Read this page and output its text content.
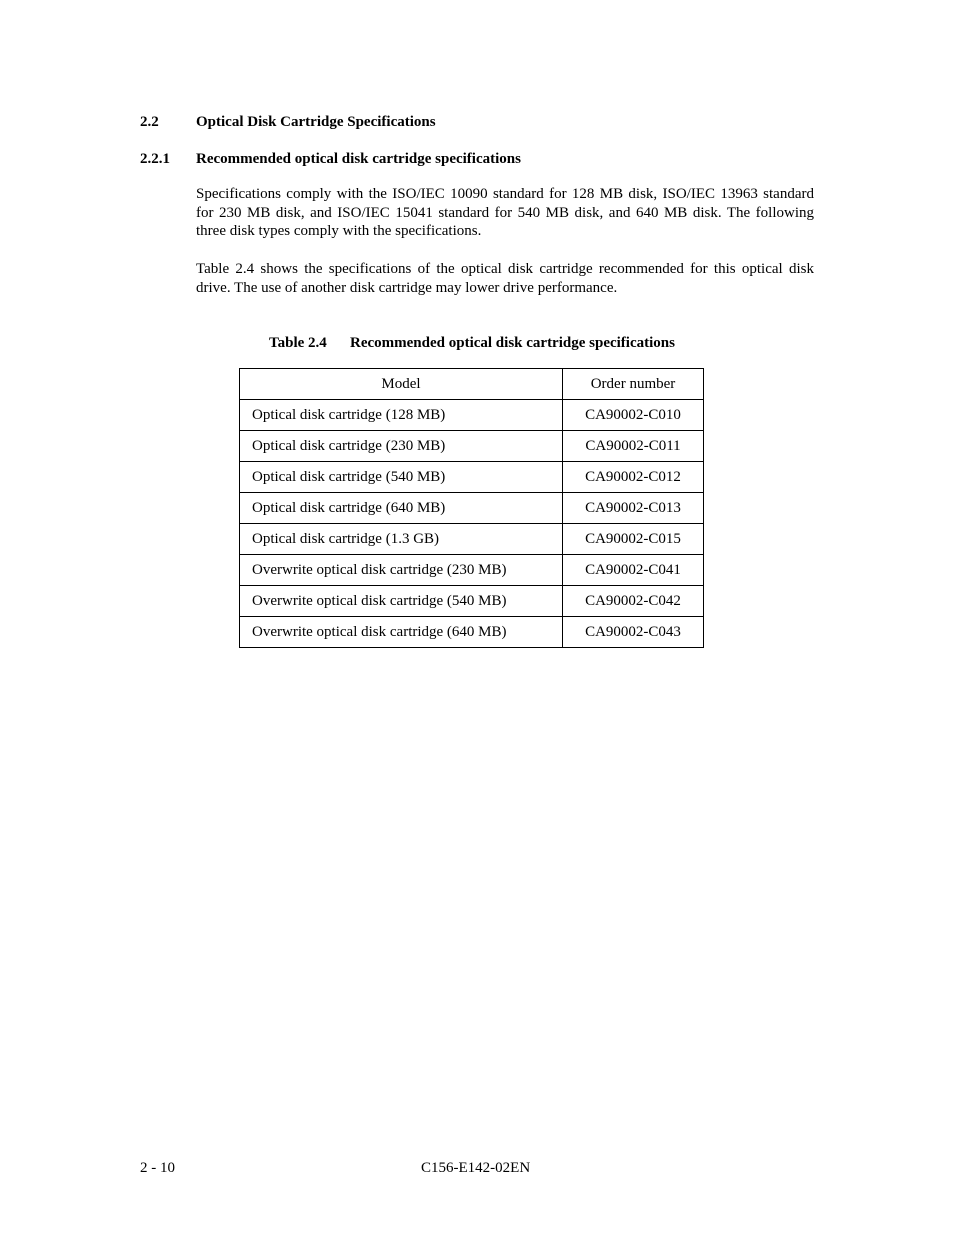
2.2 Optical Disk Cartridge Specifications
2.2.1 Recommended optical disk cartridge specifications

Specifications comply with the ISO/IEC 10090 standard for 128 MB disk, ISO/IEC 13963 standard for 230 MB disk, and ISO/IEC 15041 standard for 540 MB disk, and 640 MB disk. The following three disk types comply with the specifications.

Table 2.4 shows the specifications of the optical disk cartridge recommended for this optical disk drive. The use of another disk cartridge may lower drive performance.

Table 2.4 Recommended optical disk cartridge specifications
Model	Order number
Optical disk cartridge (128 MB)	CA90002-C010
Optical disk cartridge (230 MB)	CA90002-C011
Optical disk cartridge (540 MB)	CA90002-C012
Optical disk cartridge (640 MB)	CA90002-C013
Optical disk cartridge (1.3 GB)	CA90002-C015
Overwrite optical disk cartridge (230 MB)	CA90002-C041
Overwrite optical disk cartridge (540 MB)	CA90002-C042
Overwrite optical disk cartridge (640 MB)	CA90002-C043
2 - 10	C156-E142-02EN
